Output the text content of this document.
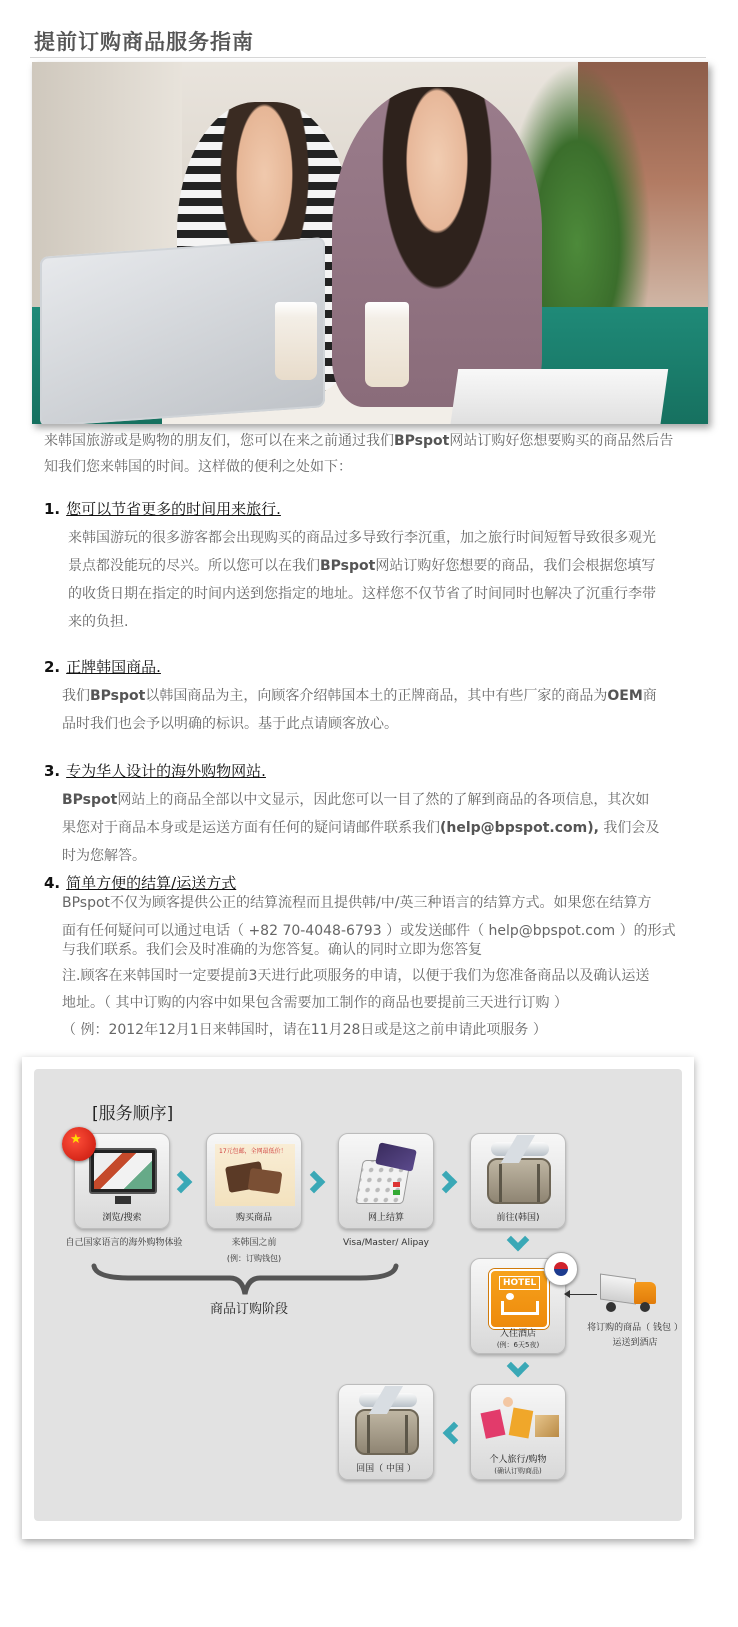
提前订购商品服务指南
来韩国旅游或是购物的朋友们，您可以在来之前通过我们BPspot网站订购好您想要购买的商品然后告知我们您来韩国的时间。这样做的便利之处如下：
1. 您可以节省更多的时间用来旅行.
来韩国游玩的很多游客都会出现购买的商品过多导致行李沉重，加之旅行时间短暂导致很多观光景点都没能玩的尽兴。所以您可以在我们BPspot网站订购好您想要的商品，我们会根据您填写的收货日期在指定的时间内送到您指定的地址。这样您不仅节省了时间同时也解决了沉重行李带来的负担.
2. 正牌韩国商品.
我们BPspot以韩国商品为主，向顾客介绍韩国本土的正牌商品，其中有些厂家的商品为OEM商品时我们也会予以明确的标识。基于此点请顾客放心。
3. 专为华人设计的海外购物网站.
BPspot网站上的商品全部以中文显示，因此您可以一目了然的了解到商品的各项信息，其次如果您对于商品本身或是运送方面有任何的疑问请邮件联系我们(help@bpspot.com), 我们会及时为您解答。
4. 简单方便的结算/运送方式
BPspot不仅为顾客提供公正的结算流程而且提供韩/中/英三种语言的结算方式。如果您在结算方
面有任何疑问可以通过电话（ +82 70-4048-6793 ）或发送邮件（ help@bpspot.com ）的形式
与我们联系。我们会及时准确的为您答复。确认的同时立即为您答复
注.顾客在来韩国时一定要提前3天进行此项服务的申请，以便于我们为您准备商品以及确认运送
地址。（ 其中订购的内容中如果包含需要加工制作的商品也要提前三天进行订购 ）
（ 例：2012年12月1日来韩国时，请在11月28日或是这之前申请此项服务 ）
[服务顺序]
浏览/搜索
★
自己国家语言的海外购物体验
17元包邮，全网最低价！
购买商品
来韩国之前
(例：订购钱包)
网上结算
Visa/Master/ Alipay
前往(韩国)
HOTEL
入住酒店
(例：6天5夜)
将订购的商品（ 钱包 ）
运送到酒店
个人旅行/购物
(确认订购商品)
回国（ 中国 ）
商品订购阶段
